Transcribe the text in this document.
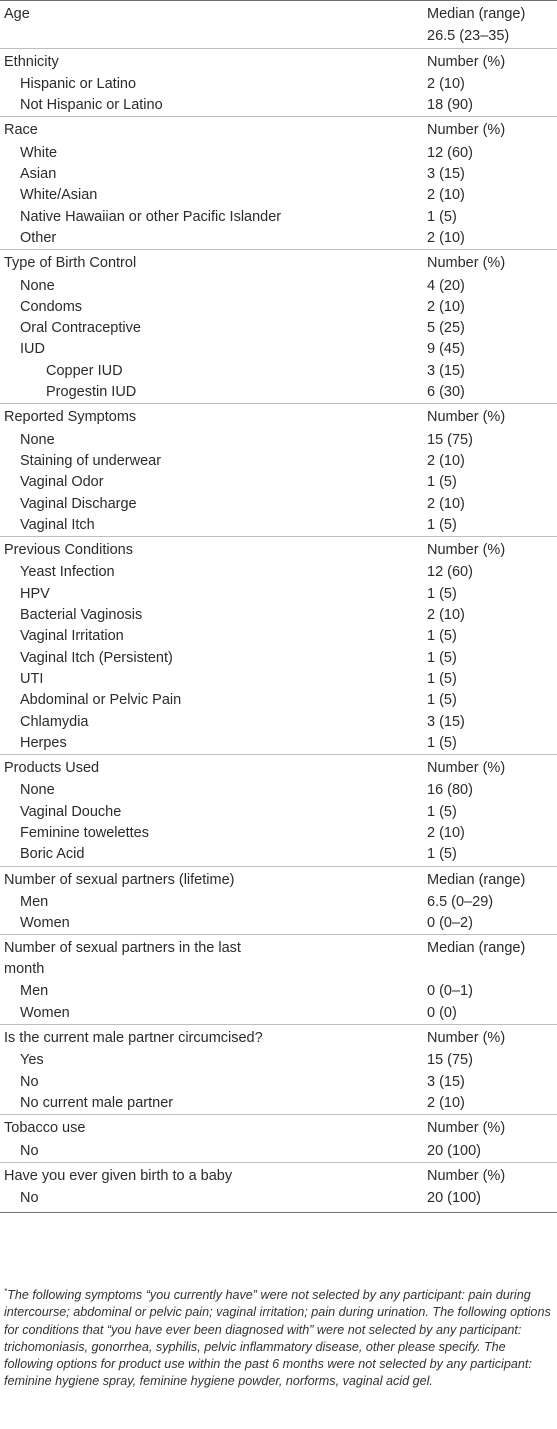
Age	Median (range)
	26.5 (23–35)
Ethnicity	Number (%)
Hispanic or Latino	2 (10)
Not Hispanic or Latino	18 (90)
Race	Number (%)
White	12 (60)
Asian	3 (15)
White/Asian	2 (10)
Native Hawaiian or other Pacific Islander	1 (5)
Other	2 (10)
Type of Birth Control	Number (%)
None	4 (20)
Condoms	2 (10)
Oral Contraceptive	5 (25)
IUD	9 (45)
Copper IUD	3 (15)
Progestin IUD	6 (30)
Reported Symptoms	Number (%)
None	15 (75)
Staining of underwear	2 (10)
Vaginal Odor	1 (5)
Vaginal Discharge	2 (10)
Vaginal Itch	1 (5)
Previous Conditions	Number (%)
Yeast Infection	12 (60)
HPV	1 (5)
Bacterial Vaginosis	2 (10)
Vaginal Irritation	1 (5)
Vaginal Itch (Persistent)	1 (5)
UTI	1 (5)
Abdominal or Pelvic Pain	1 (5)
Chlamydia	3 (15)
Herpes	1 (5)
Products Used	Number (%)
None	16 (80)
Vaginal Douche	1 (5)
Feminine towelettes	2 (10)
Boric Acid	1 (5)
Number of sexual partners (lifetime)	Median (range)
Men	6.5 (0–29)
Women	0 (0–2)
Number of sexual partners in the last month	Median (range)
Men	0 (0–1)
Women	0 (0)
Is the current male partner circumcised?	Number (%)
Yes	15 (75)
No	3 (15)
No current male partner	2 (10)
Tobacco use	Number (%)
No	20 (100)
Have you ever given birth to a baby	Number (%)
No	20 (100)
*The following symptoms “you currently have” were not selected by any participant: pain during intercourse; abdominal or pelvic pain; vaginal irritation; pain during urination. The following options for conditions that “you have ever been diagnosed with” were not selected by any participant: trichomoniasis, gonorrhea, syphilis, pelvic inflammatory disease, other please specify. The following options for product use within the past 6 months were not selected by any participant: feminine hygiene spray, feminine hygiene powder, norforms, vaginal acid gel.
